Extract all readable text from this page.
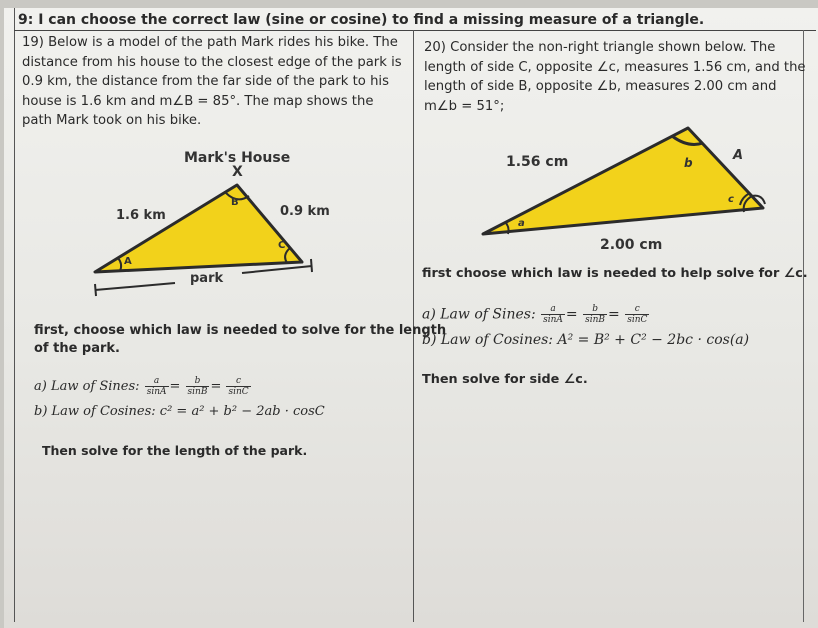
9: I can choose the correct law (sine or cosine) to find a missing measure of a triangle.
19) Below is a model of the path Mark rides his bike. The
distance from his house to the closest edge of the park is
0.9 km, the distance from the far side of the park to his
house is 1.6 km and m∠B = 85°. The map shows the
path Mark took on his bike.
20) Consider the non-right triangle shown below. The
length of side C, opposite ∠c, measures 1.56 cm, and the
length of side B, opposite ∠b, measures 2.00 cm and
m∠b = 51°;
Mark's House
X
1.6 km	0.9 km
B
C
A
park
1.56 cm	b	A
c
a
2.00 cm
first, choose which law is needed to solve for the length
of the park.
a) Law of Sines: $\frac{a}{\sin A} = \frac{b}{\sin B} = \frac{c}{\sin C}$
b) Law of Cosines: c² = a² + b² − 2ab · cosC
Then solve for the length of the park.
first choose which law is needed to help solve for ∠c.
a) Law of Sines: $\frac{a}{\sin A} = \frac{b}{\sin B} = \frac{c}{\sin C}$
b) Law of Cosines: A² = B² + C² − 2bc · cos(a)
Then solve for side ∠c.
